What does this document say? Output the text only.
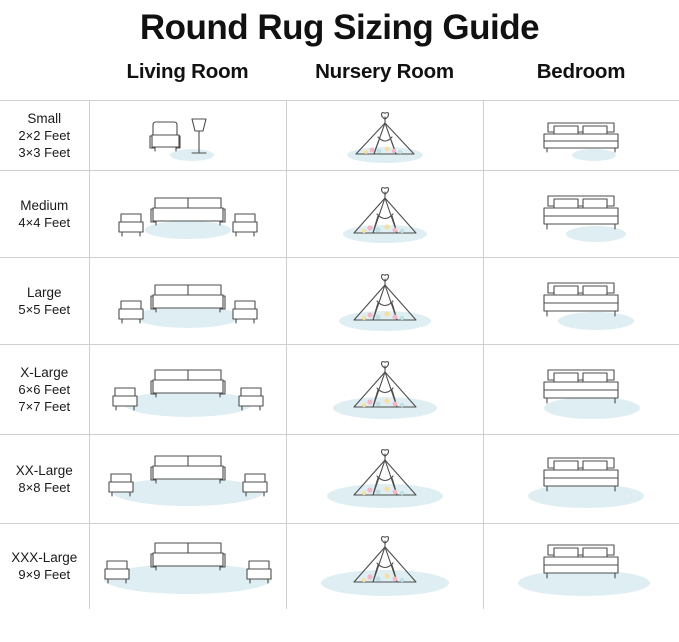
Round Rug Sizing Guide
	Living Room	Nursery Room	Bedroom

Small
2×2 Feet
3×3 Feet

Medium
4×4 Feet

Large
5×5 Feet

X-Large
6×6 Feet
7×7 Feet

XX-Large
8×8 Feet

XXX-Large
9×9 Feet
